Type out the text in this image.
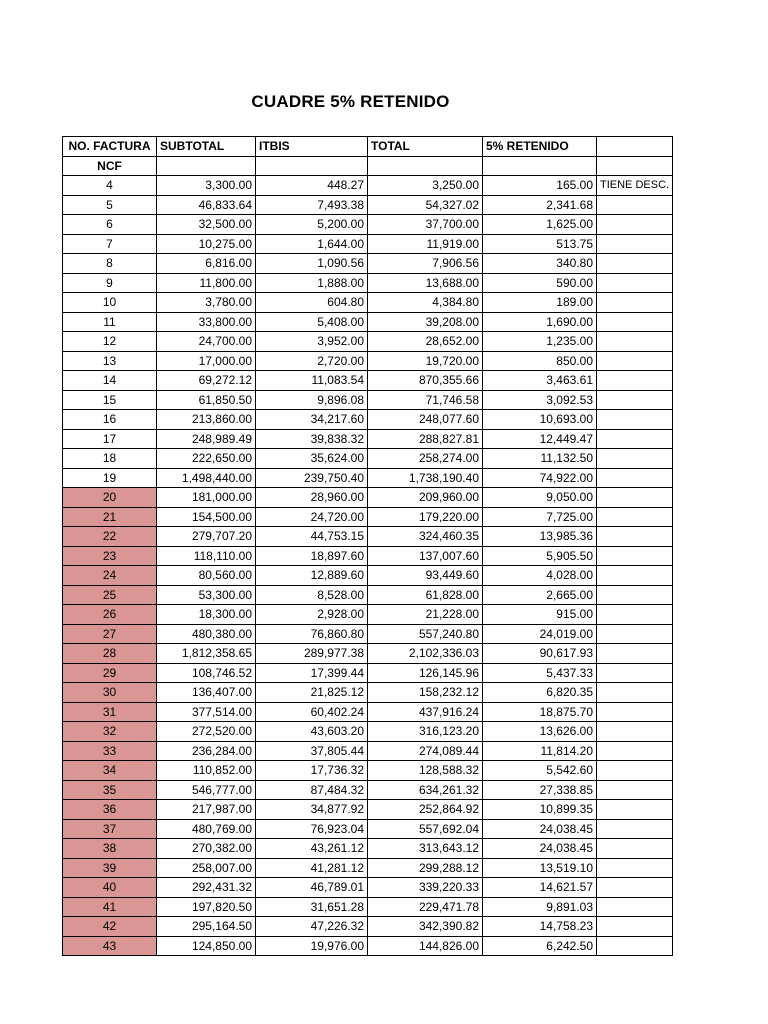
CUADRE 5% RETENIDO
NO. FACTURA	SUBTOTAL	ITBIS	TOTAL	5% RETENIDO	
NCF					
4	3,300.00	448.27	3,250.00	165.00	TIENE DESC.
5	46,833.64	7,493.38	54,327.02	2,341.68	
6	32,500.00	5,200.00	37,700.00	1,625.00	
7	10,275.00	1,644.00	11,919.00	513.75	
8	6,816.00	1,090.56	7,906.56	340.80	
9	11,800.00	1,888.00	13,688.00	590.00	
10	3,780.00	604.80	4,384.80	189.00	
11	33,800.00	5,408.00	39,208.00	1,690.00	
12	24,700.00	3,952.00	28,652.00	1,235.00	
13	17,000.00	2,720.00	19,720.00	850.00	
14	69,272.12	11,083.54	870,355.66	3,463.61	
15	61,850.50	9,896.08	71,746.58	3,092.53	
16	213,860.00	34,217.60	248,077.60	10,693.00	
17	248,989.49	39,838.32	288,827.81	12,449.47	
18	222,650.00	35,624.00	258,274.00	11,132.50	
19	1,498,440.00	239,750.40	1,738,190.40	74,922.00	
20	181,000.00	28,960.00	209,960.00	9,050.00	
21	154,500.00	24,720.00	179,220.00	7,725.00	
22	279,707.20	44,753.15	324,460.35	13,985.36	
23	118,110.00	18,897.60	137,007.60	5,905.50	
24	80,560.00	12,889.60	93,449.60	4,028.00	
25	53,300.00	8,528.00	61,828.00	2,665.00	
26	18,300.00	2,928.00	21,228.00	915.00	
27	480,380.00	76,860.80	557,240.80	24,019.00	
28	1,812,358.65	289,977.38	2,102,336.03	90,617.93	
29	108,746.52	17,399.44	126,145.96	5,437.33	
30	136,407.00	21,825.12	158,232.12	6,820.35	
31	377,514.00	60,402.24	437,916.24	18,875.70	
32	272,520.00	43,603.20	316,123.20	13,626.00	
33	236,284.00	37,805.44	274,089.44	11,814.20	
34	110,852.00	17,736.32	128,588.32	5,542.60	
35	546,777.00	87,484.32	634,261.32	27,338.85	
36	217,987.00	34,877.92	252,864.92	10,899.35	
37	480,769.00	76,923.04	557,692.04	24,038.45	
38	270,382.00	43,261.12	313,643.12	24,038.45	
39	258,007.00	41,281.12	299,288.12	13,519.10	
40	292,431.32	46,789.01	339,220.33	14,621.57	
41	197,820.50	31,651.28	229,471.78	9,891.03	
42	295,164.50	47,226.32	342,390.82	14,758.23	
43	124,850.00	19,976.00	144,826.00	6,242.50	
